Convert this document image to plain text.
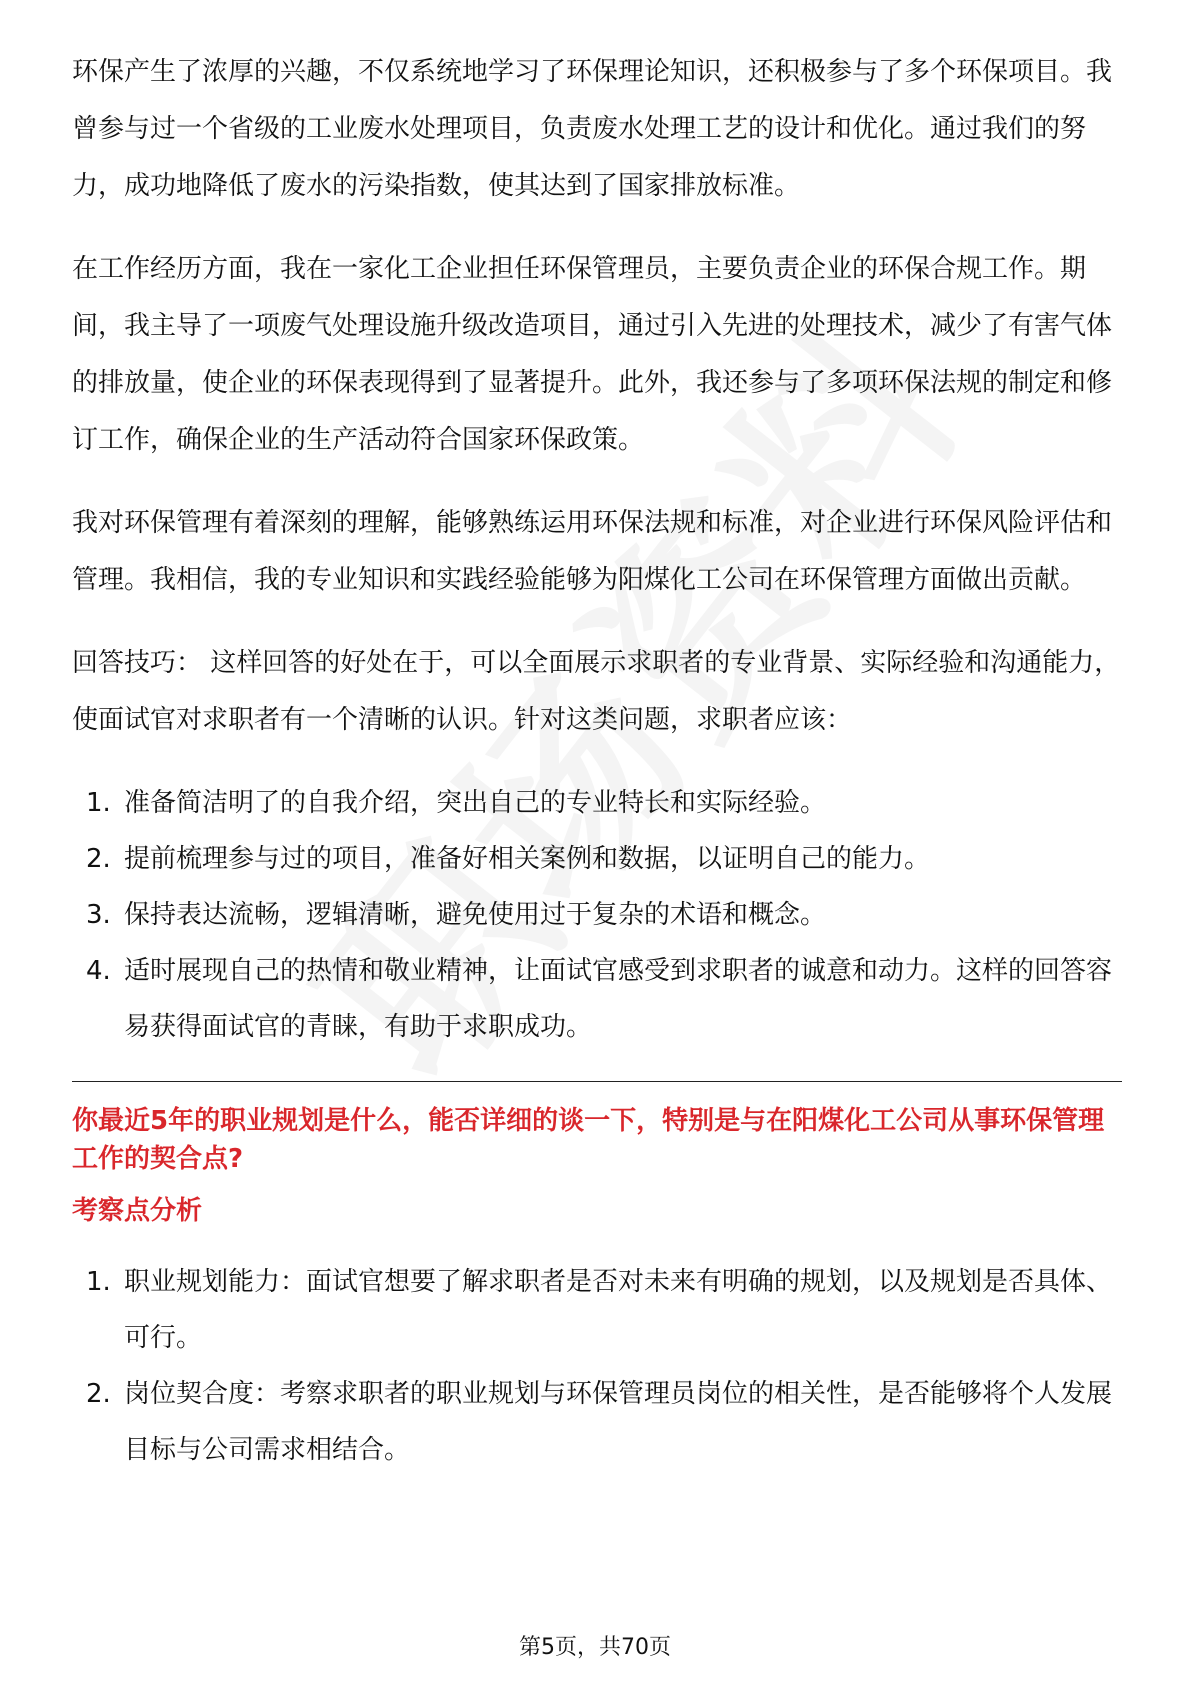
环保产生了浓厚的兴趣，不仅系统地学习了环保理论知识，还积极参与了多个环保项目。我曾参与过一个省级的工业废水处理项目，负责废水处理工艺的设计和优化。通过我们的努力，成功地降低了废水的污染指数，使其达到了国家排放标准。

在工作经历方面，我在一家化工企业担任环保管理员，主要负责企业的环保合规工作。期间，我主导了一项废气处理设施升级改造项目，通过引入先进的处理技术，减少了有害气体的排放量，使企业的环保表现得到了显著提升。此外，我还参与了多项环保法规的制定和修订工作，确保企业的生产活动符合国家环保政策。

我对环保管理有着深刻的理解，能够熟练运用环保法规和标准，对企业进行环保风险评估和管理。我相信，我的专业知识和实践经验能够为阳煤化工公司在环保管理方面做出贡献。

回答技巧： 这样回答的好处在于，可以全面展示求职者的专业背景、实际经验和沟通能力，使面试官对求职者有一个清晰的认识。针对这类问题，求职者应该：

1. 准备简洁明了的自我介绍，突出自己的专业特长和实际经验。
2. 提前梳理参与过的项目，准备好相关案例和数据，以证明自己的能力。
3. 保持表达流畅，逻辑清晰，避免使用过于复杂的术语和概念。
4. 适时展现自己的热情和敬业精神，让面试官感受到求职者的诚意和动力。这样的回答容易获得面试官的青睐，有助于求职成功。
你最近5年的职业规划是什么，能否详细的谈一下，特别是与在阳煤化工公司从事环保管理工作的契合点?
考察点分析
1. 职业规划能力：面试官想要了解求职者是否对未来有明确的规划，以及规划是否具体、可行。
2. 岗位契合度：考察求职者的职业规划与环保管理员岗位的相关性，是否能够将个人发展目标与公司需求相结合。
第5页，共70页
